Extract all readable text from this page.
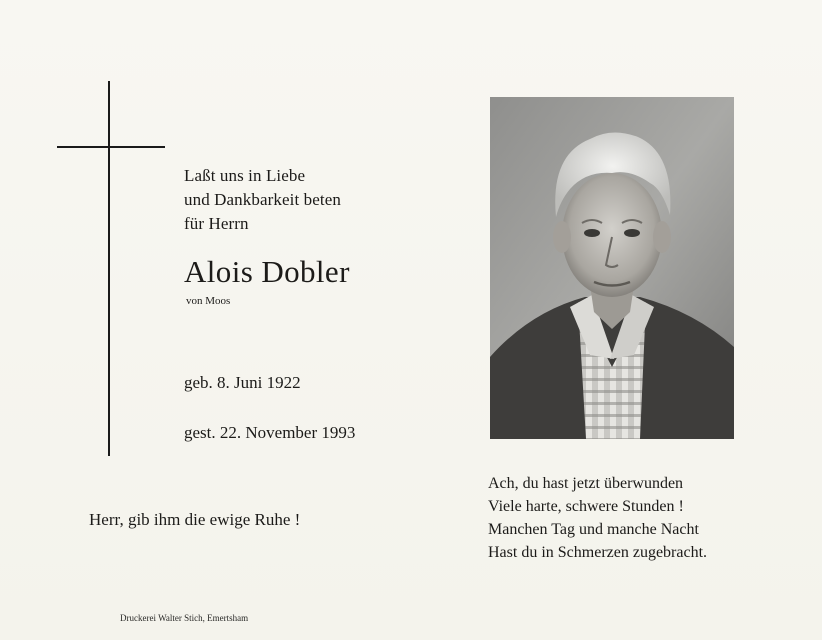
Laßt uns in Liebe
und Dankbarkeit beten
für Herrn
Alois Dobler
von Moos
geb. 8. Juni 1922
gest. 22. November 1993
Herr, gib ihm die ewige Ruhe !
Druckerei Walter Stich, Emertsham
Ach, du hast jetzt überwunden
Viele harte, schwere Stunden !
Manchen Tag und manche Nacht
Hast du in Schmerzen zugebracht.
